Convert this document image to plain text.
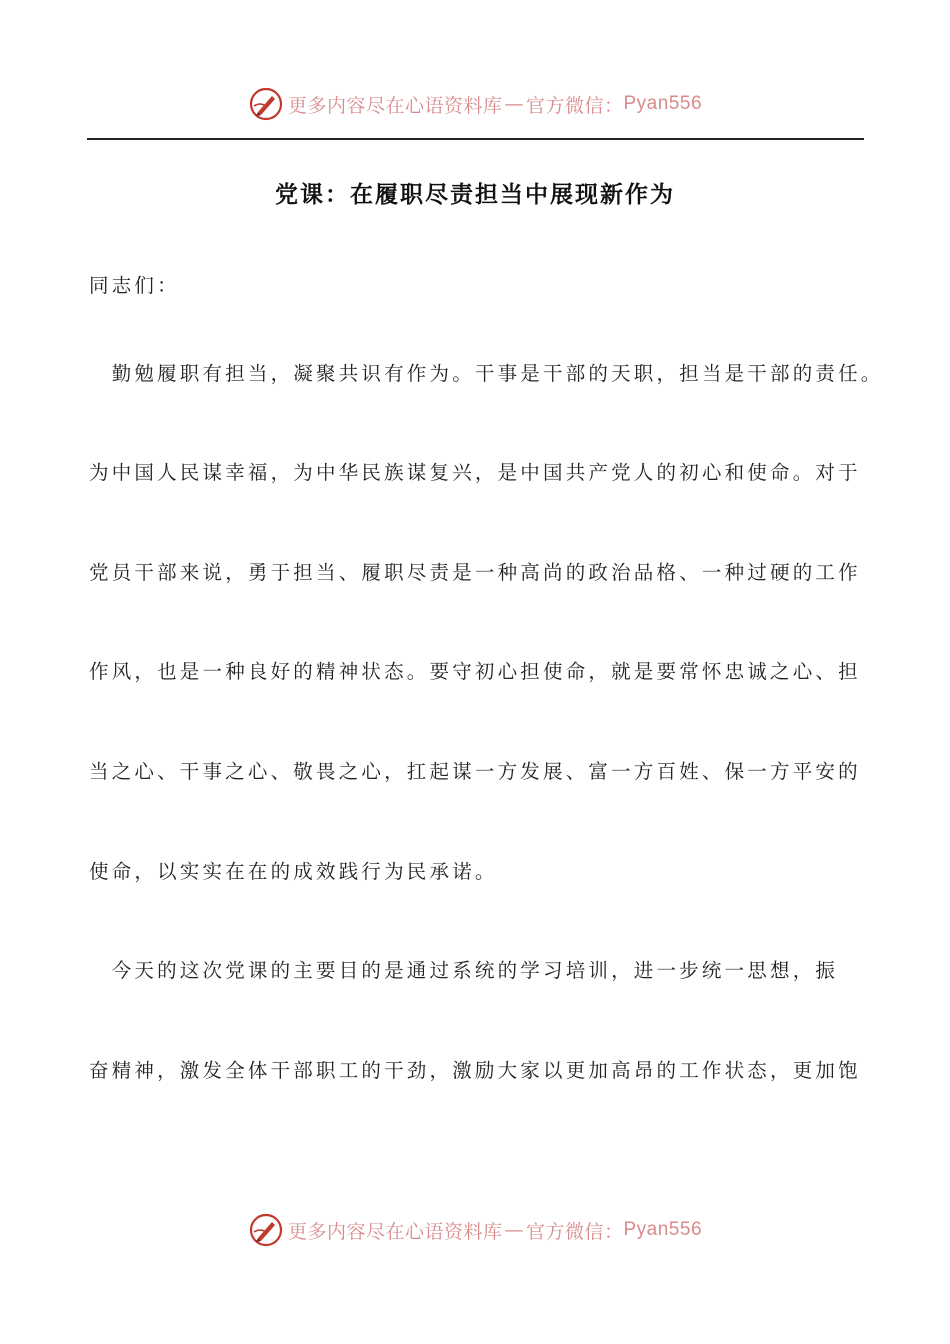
更多内容尽在心语资料库 — 官方微信： Pyan556
党课：在履职尽责担当中展现新作为
同志们：
　勤勉履职有担当，凝聚共识有作为。干事是干部的天职，担当是干部的责任。
为中国人民谋幸福，为中华民族谋复兴，是中国共产党人的初心和使命。对于
党员干部来说，勇于担当、履职尽责是一种高尚的政治品格、一种过硬的工作
作风，也是一种良好的精神状态。要守初心担使命，就是要常怀忠诚之心、担
当之心、干事之心、敬畏之心，扛起谋一方发展、富一方百姓、保一方平安的
使命，以实实在在的成效践行为民承诺。
　今天的这次党课的主要目的是通过系统的学习培训，进一步统一思想，振
奋精神，激发全体干部职工的干劲，激励大家以更加高昂的工作状态，更加饱
更多内容尽在心语资料库 — 官方微信： Pyan556
